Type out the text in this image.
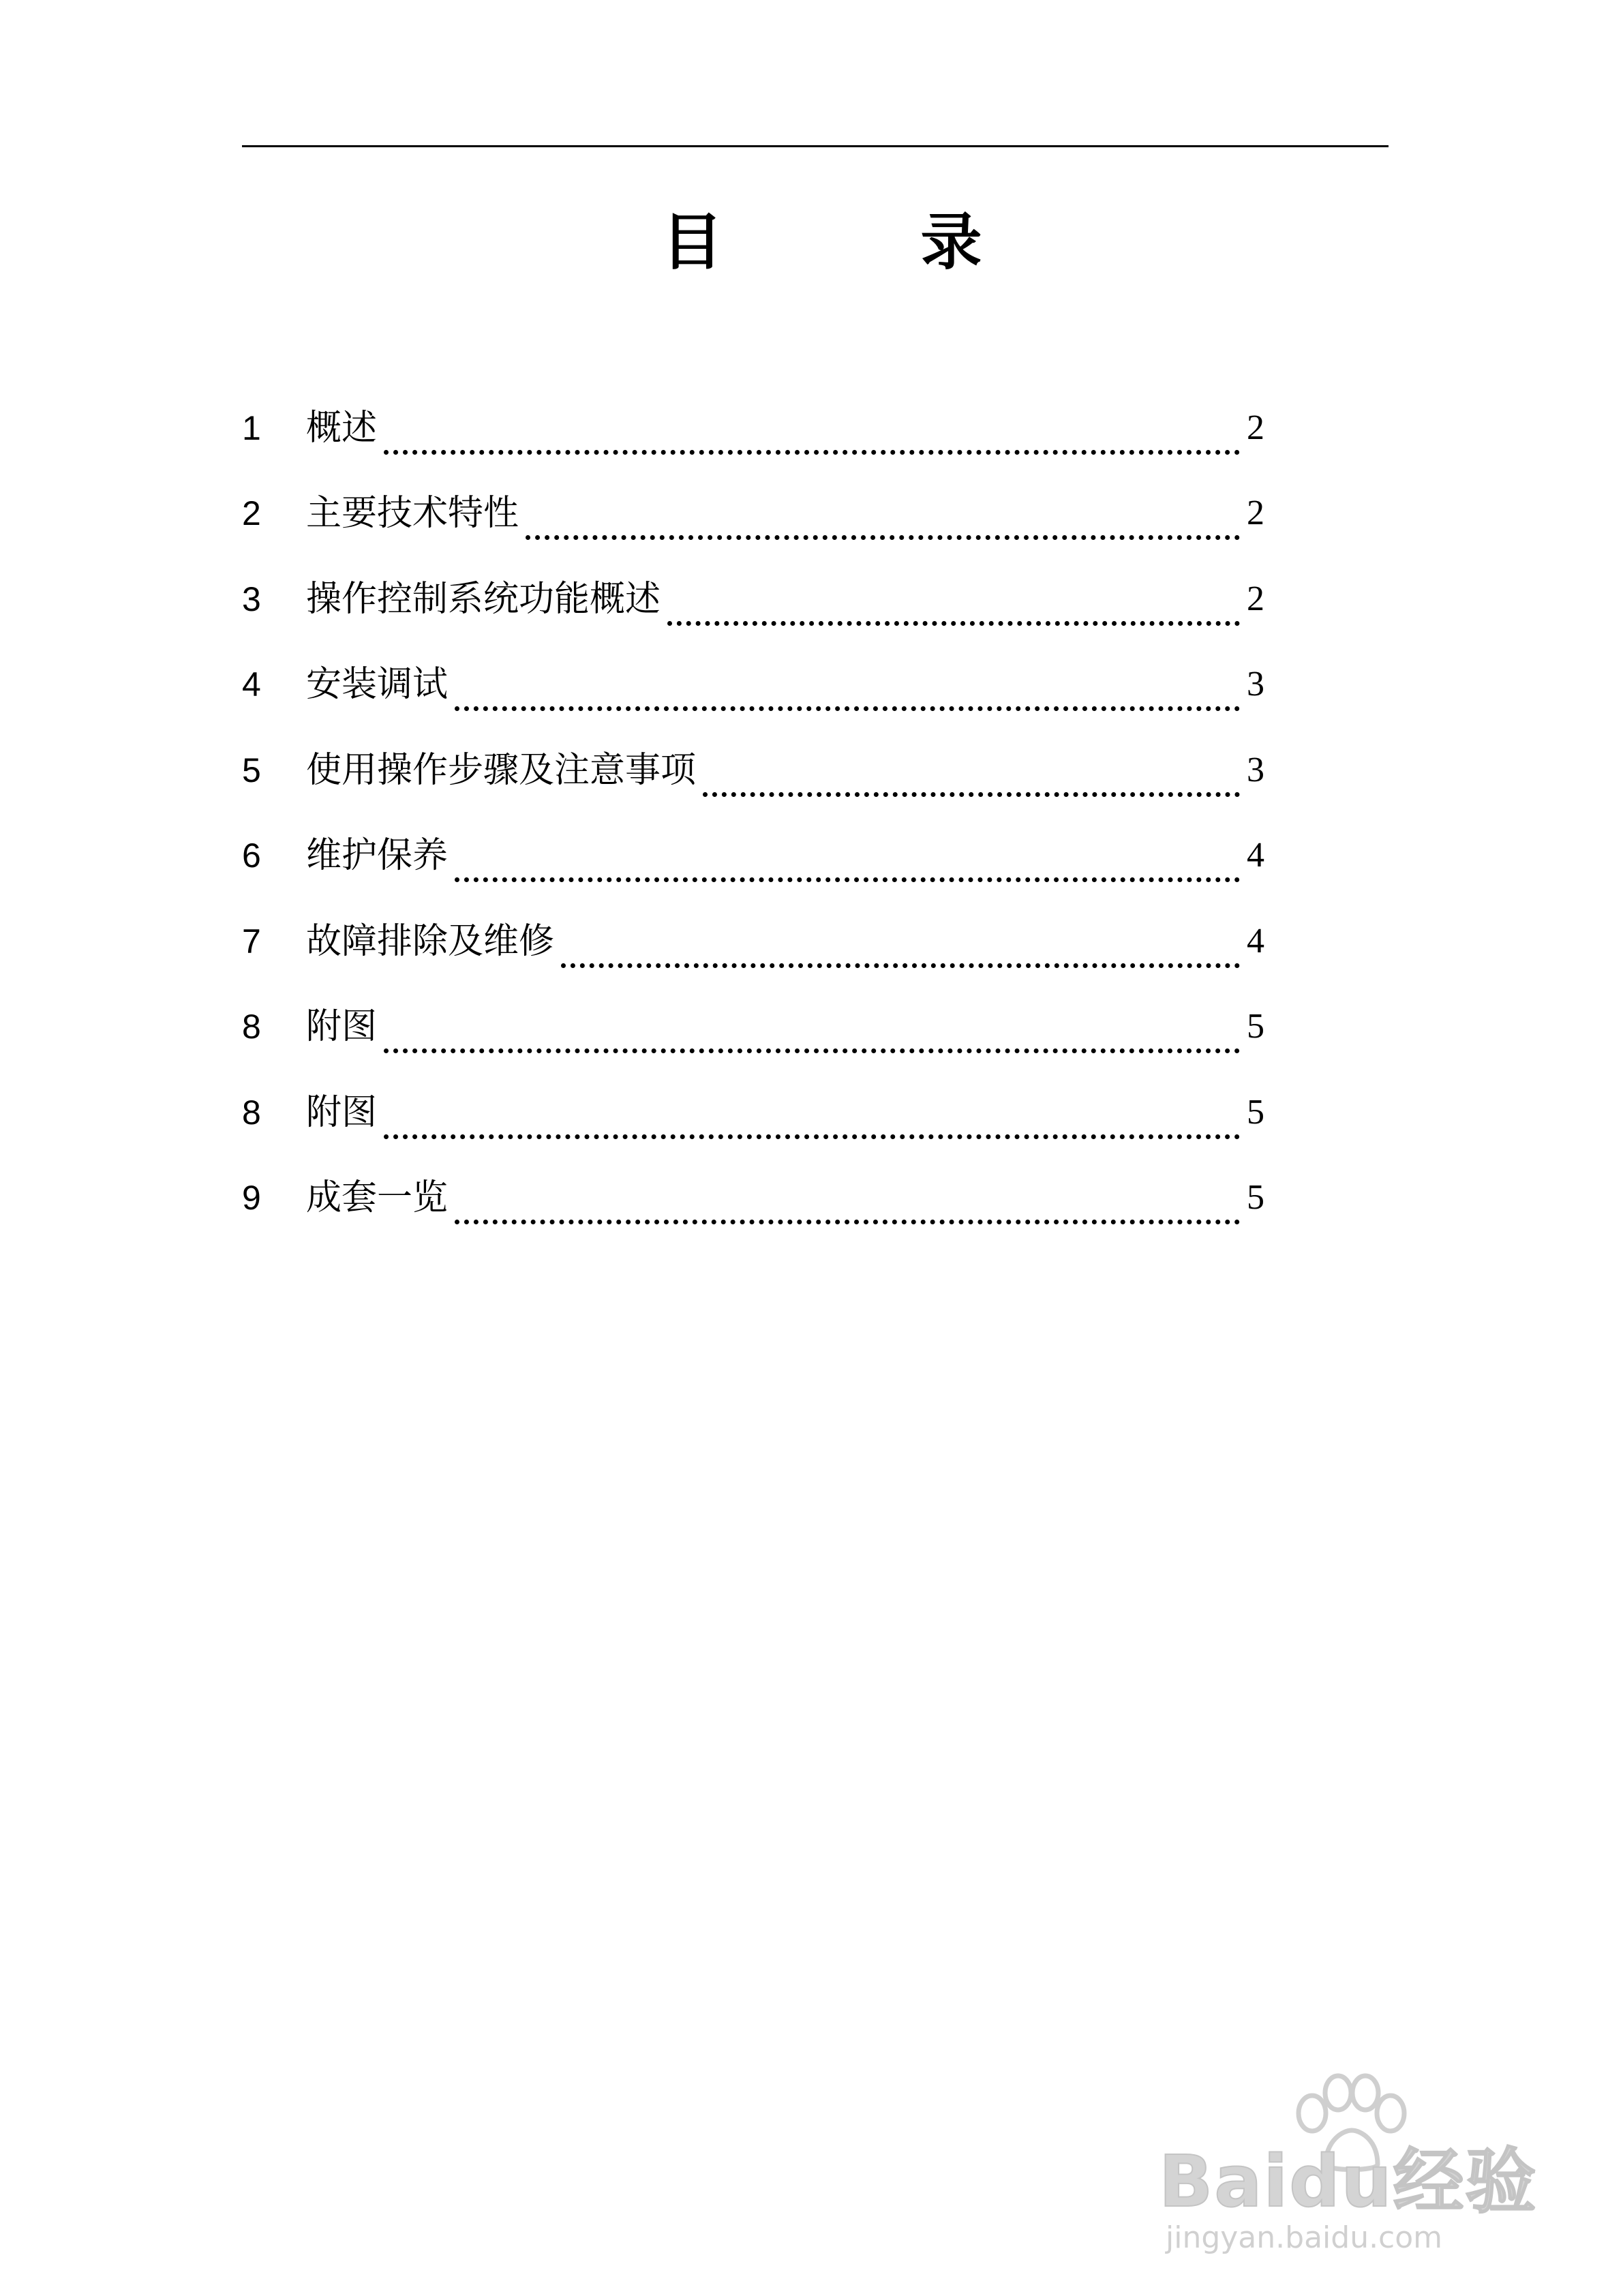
目	录
1	概述	2
2	主要技术特性	2
3	操作控制系统功能概述	2
4	安装调试	3
5	使用操作步骤及注意事项	3
6	维护保养	4
7	故障排除及维修	4
8	附图	5
8	附图	5
9	成套一览	5
Baidu经验
jingyan.baidu.com
